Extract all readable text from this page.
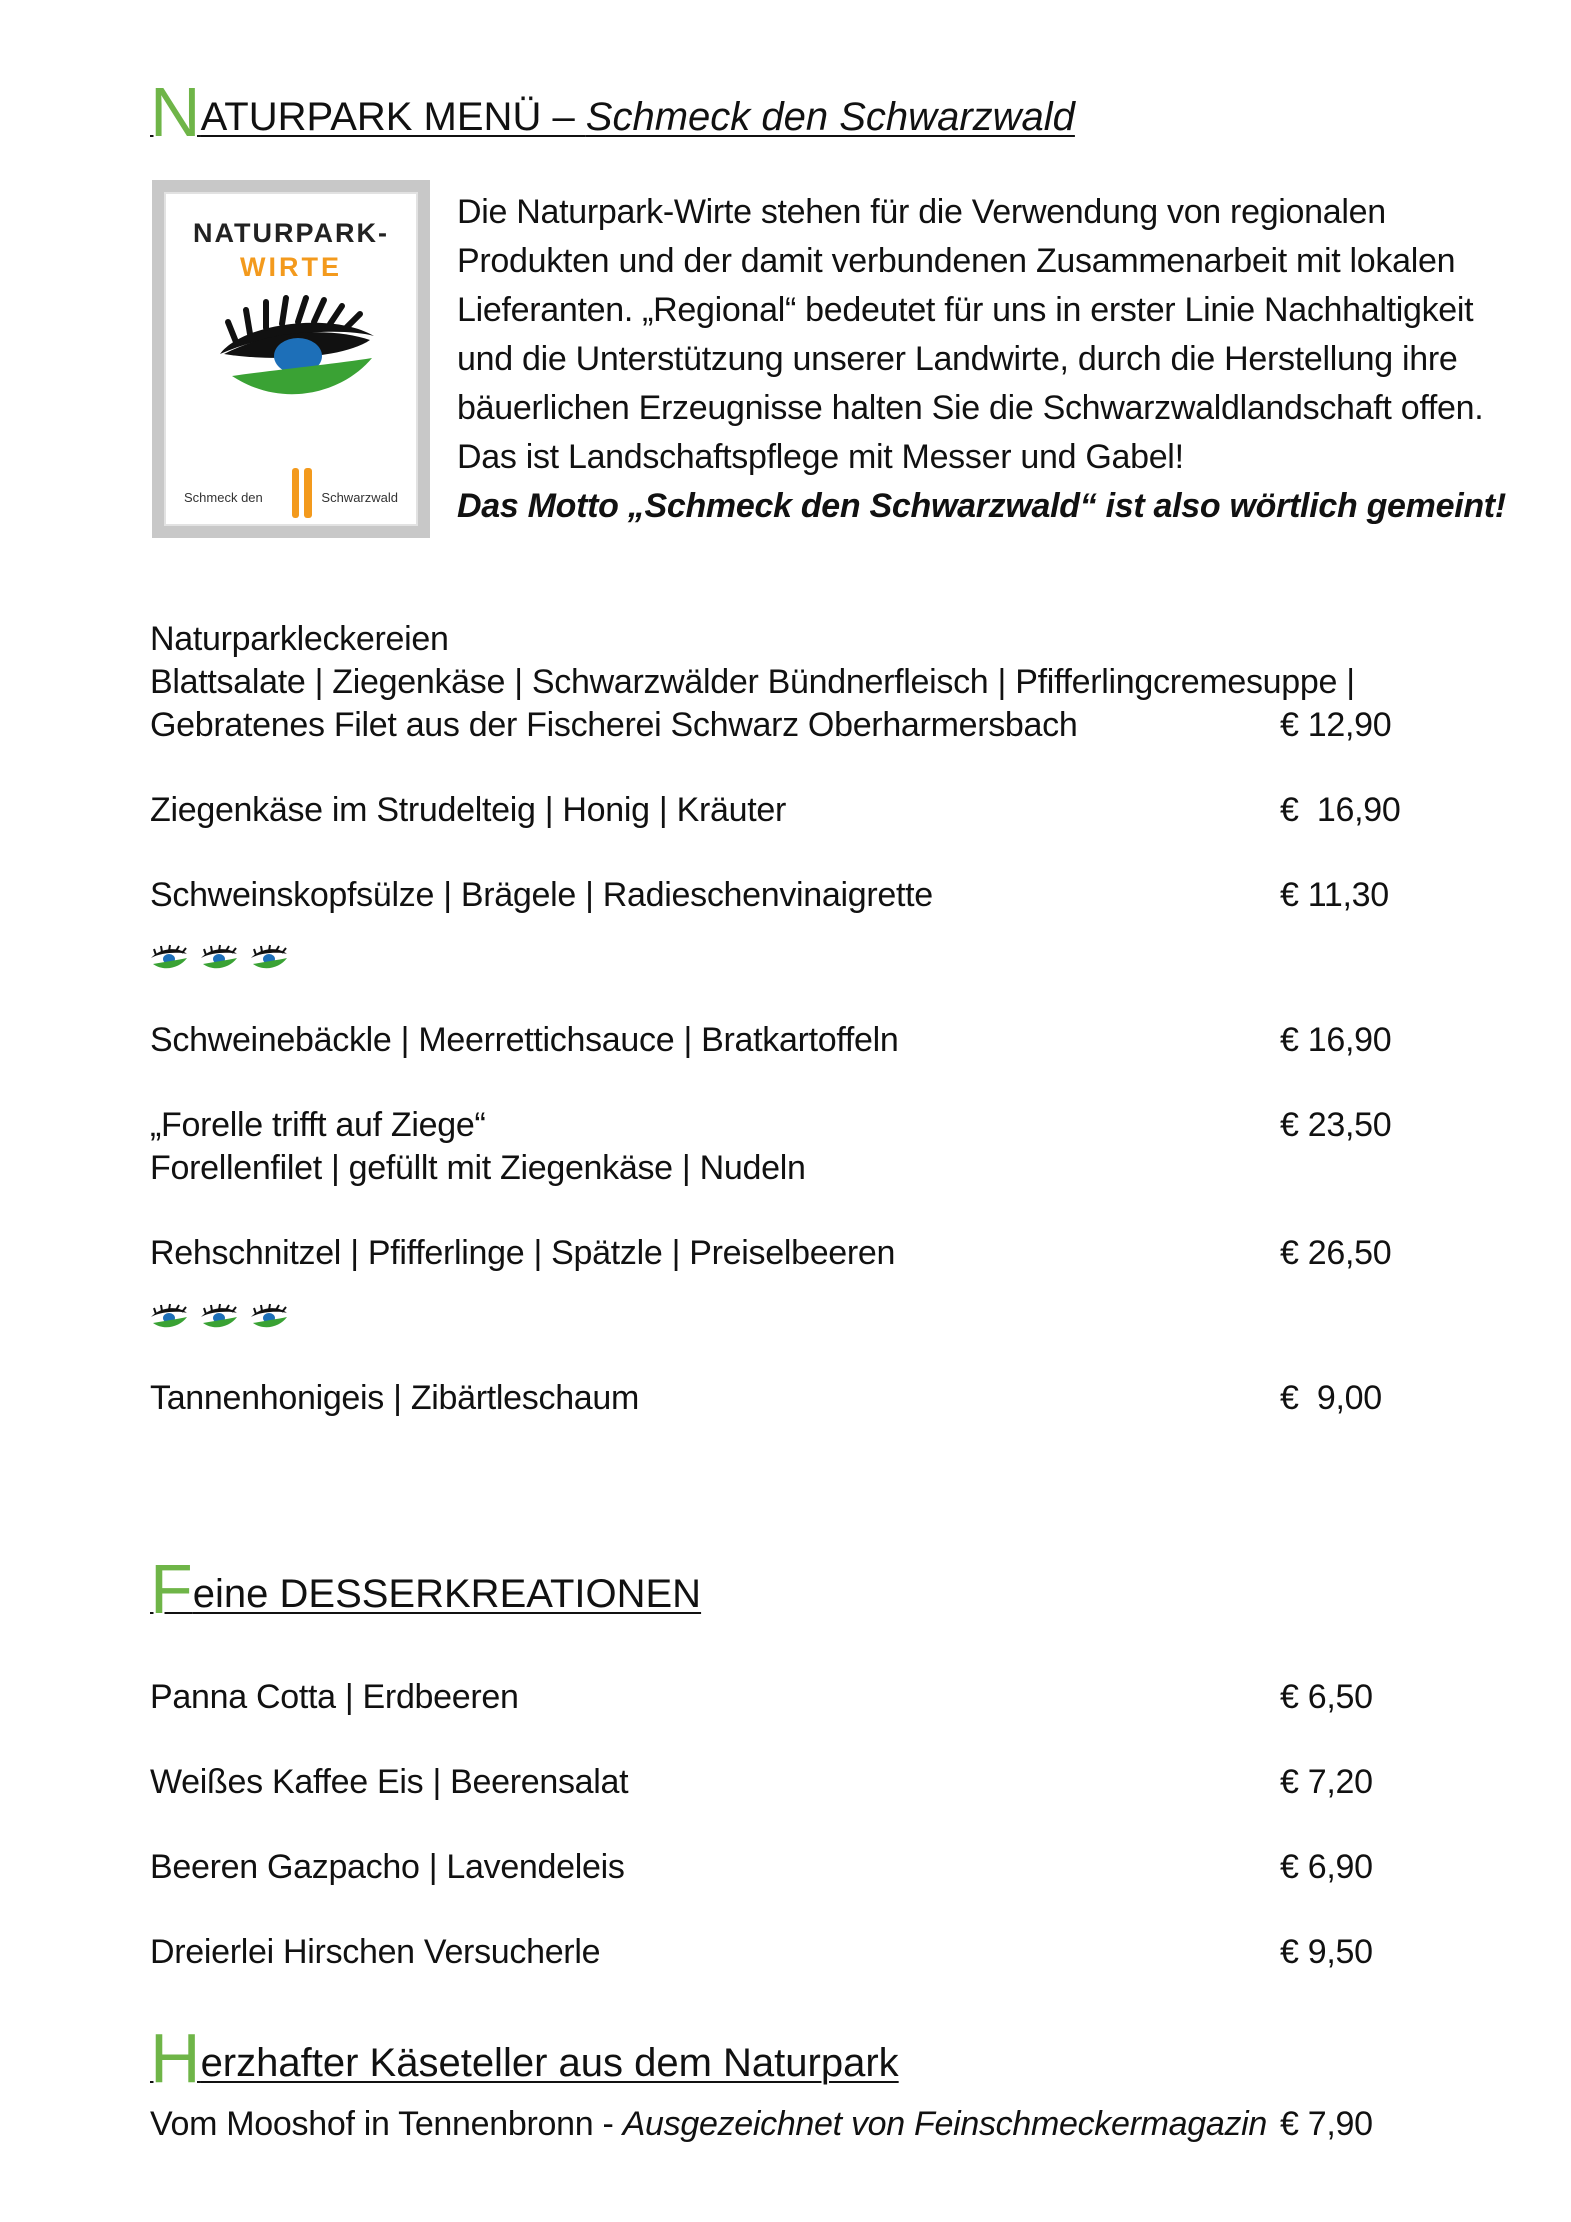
NATURPARK MENÜ – Schmeck den Schwarzwald
NATURPARK-
WIRTE
Schmeck den	Schwarzwald

Die Naturpark-Wirte stehen für die Verwendung von regionalen

Produkten und der damit verbundenen Zusammenarbeit mit lokalen

Lieferanten. „Regional“ bedeutet für uns in erster Linie Nachhaltigkeit

und die Unterstützung unserer Landwirte, durch die Herstellung ihre

bäuerlichen Erzeugnisse halten Sie die Schwarzwaldlandschaft offen.

Das ist Landschaftspflege mit Messer und Gabel!

Das Motto „Schmeck den Schwarzwald“ ist also wörtlich gemeint!

Naturparkleckereien
Blattsalate | Ziegenkäse | Schwarzwälder Bündnerfleisch | Pfifferlingcremesuppe |
Gebratenes Filet aus der Fischerei Schwarz Oberharmersbach	€ 12,90
Ziegenkäse im Strudelteig | Honig | Kräuter	€  16,90
Schweinskopfsülze | Brägele | Radieschenvinaigrette	€ 11,30
Schweinebäckle | Meerrettichsauce | Bratkartoffeln	€ 16,90
„Forelle trifft auf Ziege“
Forellenfilet | gefüllt mit Ziegenkäse | Nudeln
€ 23,50
Rehschnitzel | Pfifferlinge | Spätzle | Preiselbeeren	€ 26,50
Tannenhonigeis | Zibärtleschaum	€  9,00
Feine DESSERKREATIONEN
Panna Cotta | Erdbeeren	€ 6,50
Weißes Kaffee Eis | Beerensalat	€ 7,20
Beeren Gazpacho | Lavendeleis	€ 6,90
Dreierlei Hirschen Versucherle	€ 9,50
Herzhafter Käseteller aus dem Naturpark
Vom Mooshof in Tennenbronn - Ausgezeichnet von Feinschmeckermagazin € 7,90
